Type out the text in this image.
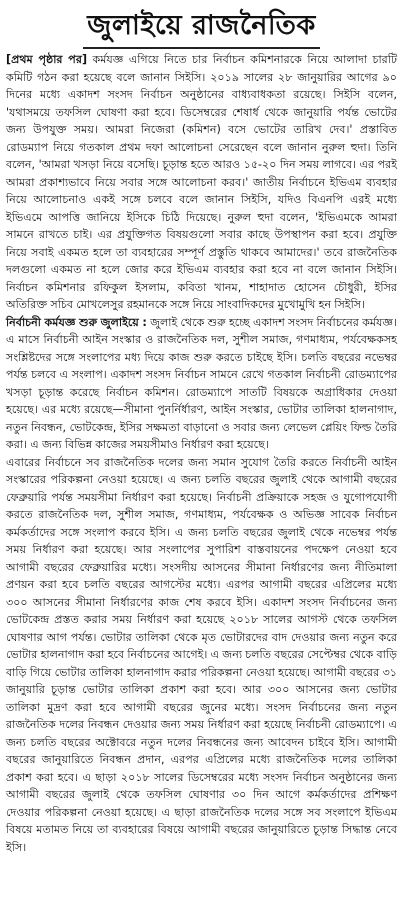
জুলাইয়ে রাজনৈতিক

[প্রথম পৃষ্ঠার পর] কর্মযজ্ঞ এগিয়ে নিতে চার নির্বাচন কমিশনারকে নিয়ে আলাদা চারটি কমিটি গঠন করা হয়েছে বলে জানান সিইসি। ২০১৯ সালের ২৮ জানুয়ারির আগের ৯০ দিনের মধ্যে একাদশ সংসদ নির্বাচন অনুষ্ঠানের বাধ্যবাধকতা রয়েছে। সিইসি বলেন, 'যথাসময়ে তফসিল ঘোষণা করা হবে। ডিসেম্বরের শেষার্ধ থেকে জানুয়ারি পর্যন্ত ভোটের জন্য উপযুক্ত সময়। আমরা নিজেরা (কমিশন) বসে ভোটের তারিখ দেব।' প্রস্তাবিত রোডম্যাপ নিয়ে গতকাল প্রথম দফা আলোচনা সেরেছেন বলে জানান নুরুল হুদা। তিনি বলেন, 'আমরা খসড়া নিয়ে বসেছি। চূড়ান্ত হতে আরও ১৫-২০ দিন সময় লাগবে। এর পরই আমরা প্রকাশ্যভাবে নিয়ে সবার সঙ্গে আলোচনা করব।' জাতীয় নির্বাচনে ইভিএম ব্যবহার নিয়ে আলোচনাও একই সঙ্গে চলবে বলে জানান সিইসি, যদিও বিএনপি এরই মধ্যে ইভিএমে আপত্তি জানিয়ে ইসিকে চিঠি দিয়েছে। নুরুল হুদা বলেন, 'ইভিএমকে আমরা সামনে রাখতে চাই। এর প্রযুক্তিগত বিষয়গুলো সবার কাছে উপস্থাপন করা হবে। প্রযুক্তি নিয়ে সবাই একমত হলে তা ব্যবহারের সম্পূর্ণ প্রস্তুতি থাকবে আমাদের।' তবে রাজনৈতিক দলগুলো একমত না হলে জোর করে ইভিএম ব্যবহার করা হবে না বলে জানান সিইসি। নির্বাচন কমিশনার রফিকুল ইসলাম, কবিতা খানম, শাহাদাত হোসেন চৌধুরী, ইসির অতিরিক্ত সচিব মোখলেসুর রহমানকে সঙ্গে নিয়ে সাংবাদিকদের মুখোমুখি হন সিইসি।

নির্বাচনী কর্মযজ্ঞ শুরু জুলাইয়ে : জুলাই থেকে শুরু হচ্ছে একাদশ সংসদ নির্বাচনের কর্মযজ্ঞ। এ মাসে নির্বাচনী আইন সংস্কার ও রাজনৈতিক দল, সুশীল সমাজ, গণমাধ্যম, পর্যবেক্ষকসহ সংশ্লিষ্টদের সঙ্গে সংলাপের মধ্য দিয়ে কাজ শুরু করতে চাইছে ইসি। চলতি বছরের নভেম্বর পর্যন্ত চলবে এ সংলাপ। একাদশ সংসদ নির্বাচন সামনে রেখে গতকাল নির্বাচনী রোডম্যাপের খসড়া চূড়ান্ত করেছে নির্বাচন কমিশন। রোডম্যাপে সাতটি বিষয়কে অগ্রাধিকার দেওয়া হয়েছে। এর মধ্যে রয়েছে—সীমানা পুনর্নির্ধারণ, আইন সংস্কার, ভোটার তালিকা হালনাগাদ, নতুন নিবন্ধন, ভোটকেন্দ্র, ইসির সক্ষমতা বাড়ানো ও সবার জন্য লেভেল প্লেয়িং ফিল্ড তৈরি করা। এ জন্য বিভিন্ন কাজের সময়সীমাও নির্ধারণ করা হয়েছে।

এবারের নির্বাচনে সব রাজনৈতিক দলের জন্য সমান সুযোগ তৈরি করতে নির্বাচনী আইন সংস্কারের পরিকল্পনা নেওয়া হয়েছে। এ জন্য চলতি বছরের জুলাই থেকে আগামী বছরের ফেব্রুয়ারি পর্যন্ত সময়সীমা নির্ধারণ করা হয়েছে। নির্বাচনী প্রক্রিয়াকে সহজ ও যুগোপযোগী করতে রাজনৈতিক দল, সুশীল সমাজ, গণমাধ্যম, পর্যবেক্ষক ও অভিজ্ঞ সাবেক নির্বাচন কর্মকর্তাদের সঙ্গে সংলাপ করবে ইসি। এ জন্য চলতি বছরের জুলাই থেকে নভেম্বর পর্যন্ত সময় নির্ধারণ করা হয়েছে। আর সংলাপের সুপারিশ বাস্তবায়নের পদক্ষেপ নেওয়া হবে আগামী বছরের ফেব্রুয়ারির মধ্যে। সংসদীয় আসনের সীমানা নির্ধারণের জন্য নীতিমালা প্রণয়ন করা হবে চলতি বছরের আগস্টের মধ্যে। এরপর আগামী বছরের এপ্রিলের মধ্যে ৩০০ আসনের সীমানা নির্ধারণের কাজ শেষ করবে ইসি। একাদশ সংসদ নির্বাচনের জন্য ভোটকেন্দ্র প্রস্তত করার সময় নির্ধারণ করা হয়েছে ২০১৮ সালের আগস্ট থেকে তফসিল ঘোষণার আগ পর্যন্ত। ভোটার তালিকা থেকে মৃত ভোটারদের বাদ দেওয়ার জন্য নতুন করে ভোটার হালনাগাদ করা হবে নির্বাচনের আগেই। এ জন্য চলতি বছরের সেপ্টেম্বর থেকে বাড়ি বাড়ি গিয়ে ভোটার তালিকা হালনাগাদ করার পরিকল্পনা নেওয়া হয়েছে। আগামী বছরের ৩১ জানুয়ারি চূড়ান্ত ভোটার তালিকা প্রকাশ করা হবে। আর ৩০০ আসনের জন্য ভোটার তালিকা মুদ্রণ করা হবে আগামী বছরের জুনের মধ্যে। সংসদ নির্বাচনের জন্য নতুন রাজনৈতিক দলের নিবন্ধন দেওয়ার জন্য সময় নির্ধারণ করা হয়েছে নির্বাচনী রোডম্যাপে। এ জন্য চলতি বছরের অক্টোবরে নতুন দলের নিবন্ধনের জন্য আবেদন চাইবে ইসি। আগামী বছরের জানুয়ারিতে নিবন্ধন প্রদান, এরপর এপ্রিলের মধ্যে রাজনৈতিক দলের তালিকা প্রকাশ করা হবে। এ ছাড়া ২০১৮ সালের ডিসেম্বরের মধ্যে সংসদ নির্বাচন অনুষ্ঠানের জন্য আগামী বছরের জুলাই থেকে তফসিল ঘোষণার ৩০ দিন আগে কর্মকর্তাদের প্রশিক্ষণ দেওয়ার পরিকল্পনা নেওয়া হয়েছে। এ ছাড়া রাজনৈতিক দলের সঙ্গে সব সংলাপে ইভিএম বিষয়ে মতামত নিয়ে তা ব্যবহারের বিষয়ে আগামী বছরের জানুয়ারিতে চূড়ান্ত সিদ্ধান্ত নেবে ইসি।
